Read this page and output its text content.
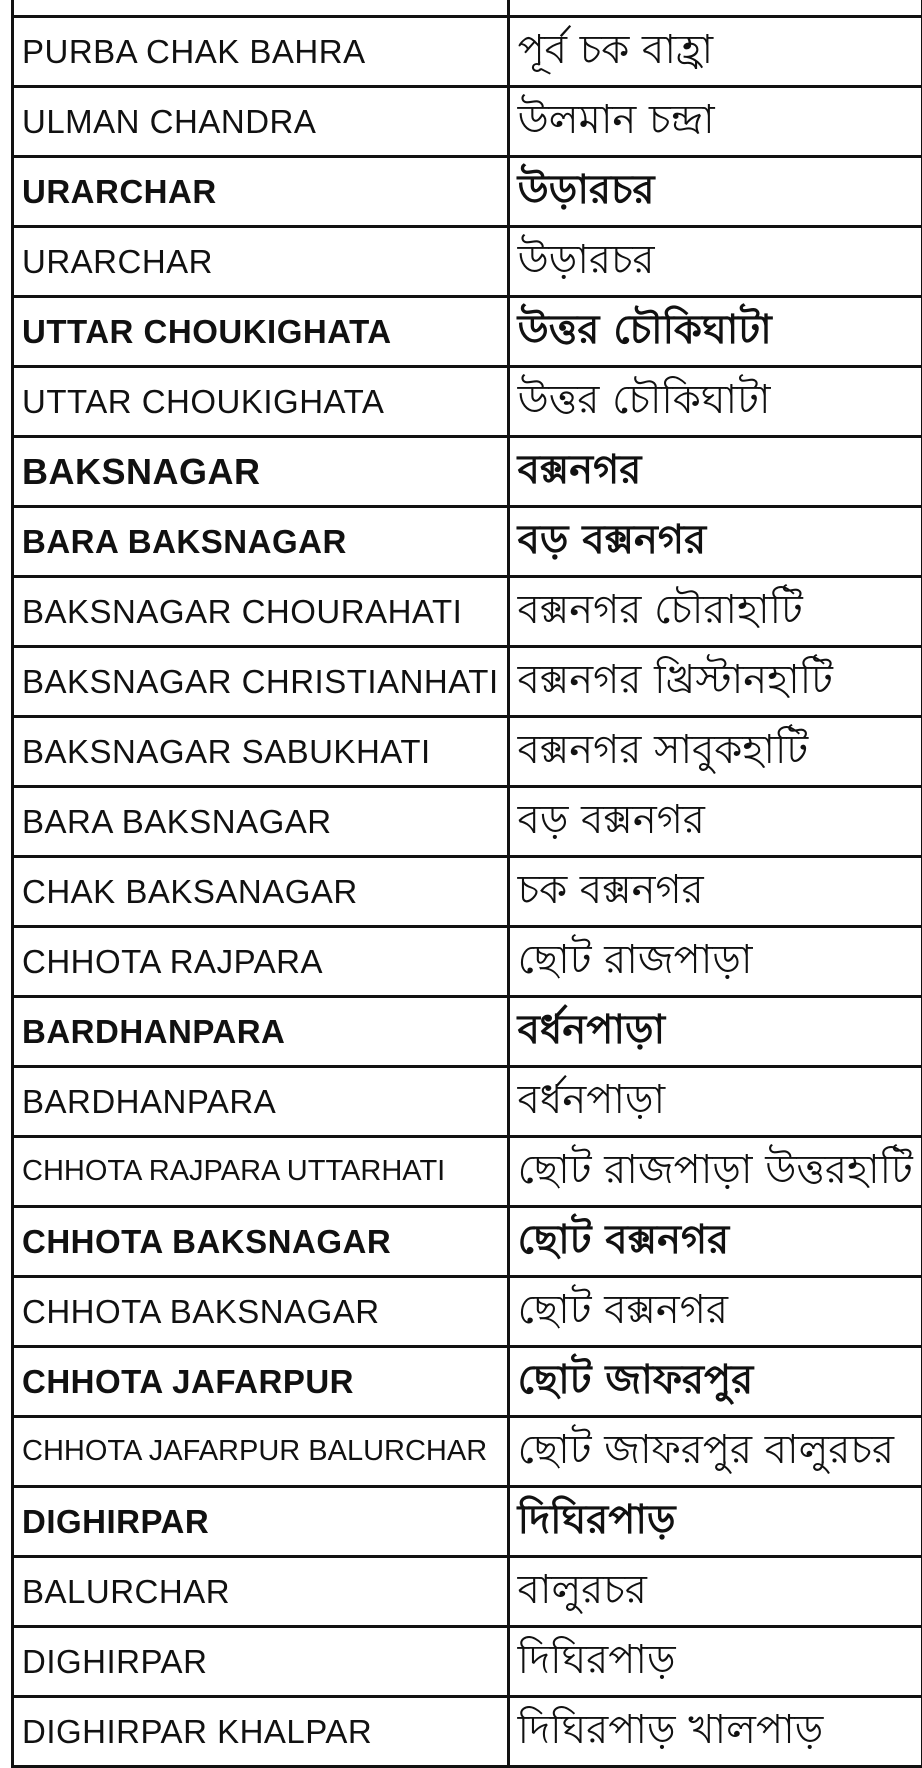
PURBA CHAK BAHRA	পূর্ব চক বাহ্রা	
ULMAN CHANDRA	উলমান চন্দ্রা	
URARCHAR	উড়ারচর	
URARCHAR	উড়ারচর	
UTTAR CHOUKIGHATA	উত্তর চৌকিঘাটা	
UTTAR CHOUKIGHATA	উত্তর চৌকিঘাটা	
BAKSNAGAR	বক্সনগর	
BARA BAKSNAGAR	বড় বক্সনগর	
BAKSNAGAR CHOURAHATI	বক্সনগর চৌরাহাটি	
BAKSNAGAR CHRISTIANHATI	বক্সনগর খ্রিস্টানহাটি	
BAKSNAGAR SABUKHATI	বক্সনগর সাবুকহাটি	
BARA BAKSNAGAR	বড় বক্সনগর	
CHAK BAKSANAGAR	চক বক্সনগর	
CHHOTA RAJPARA	ছোট রাজপাড়া	
BARDHANPARA	বর্ধনপাড়া	
BARDHANPARA	বর্ধনপাড়া	
CHHOTA RAJPARA UTTARHATI	ছোট রাজপাড়া উত্তরহাটি	
CHHOTA BAKSNAGAR	ছোট বক্সনগর	
CHHOTA BAKSNAGAR	ছোট বক্সনগর	
CHHOTA JAFARPUR	ছোট জাফরপুর	
CHHOTA JAFARPUR BALURCHAR	ছোট জাফরপুর বালুরচর	
DIGHIRPAR	দিঘিরপাড়	
BALURCHAR	বালুরচর	
DIGHIRPAR	দিঘিরপাড়	
DIGHIRPAR KHALPAR	দিঘিরপাড় খালপাড়	
